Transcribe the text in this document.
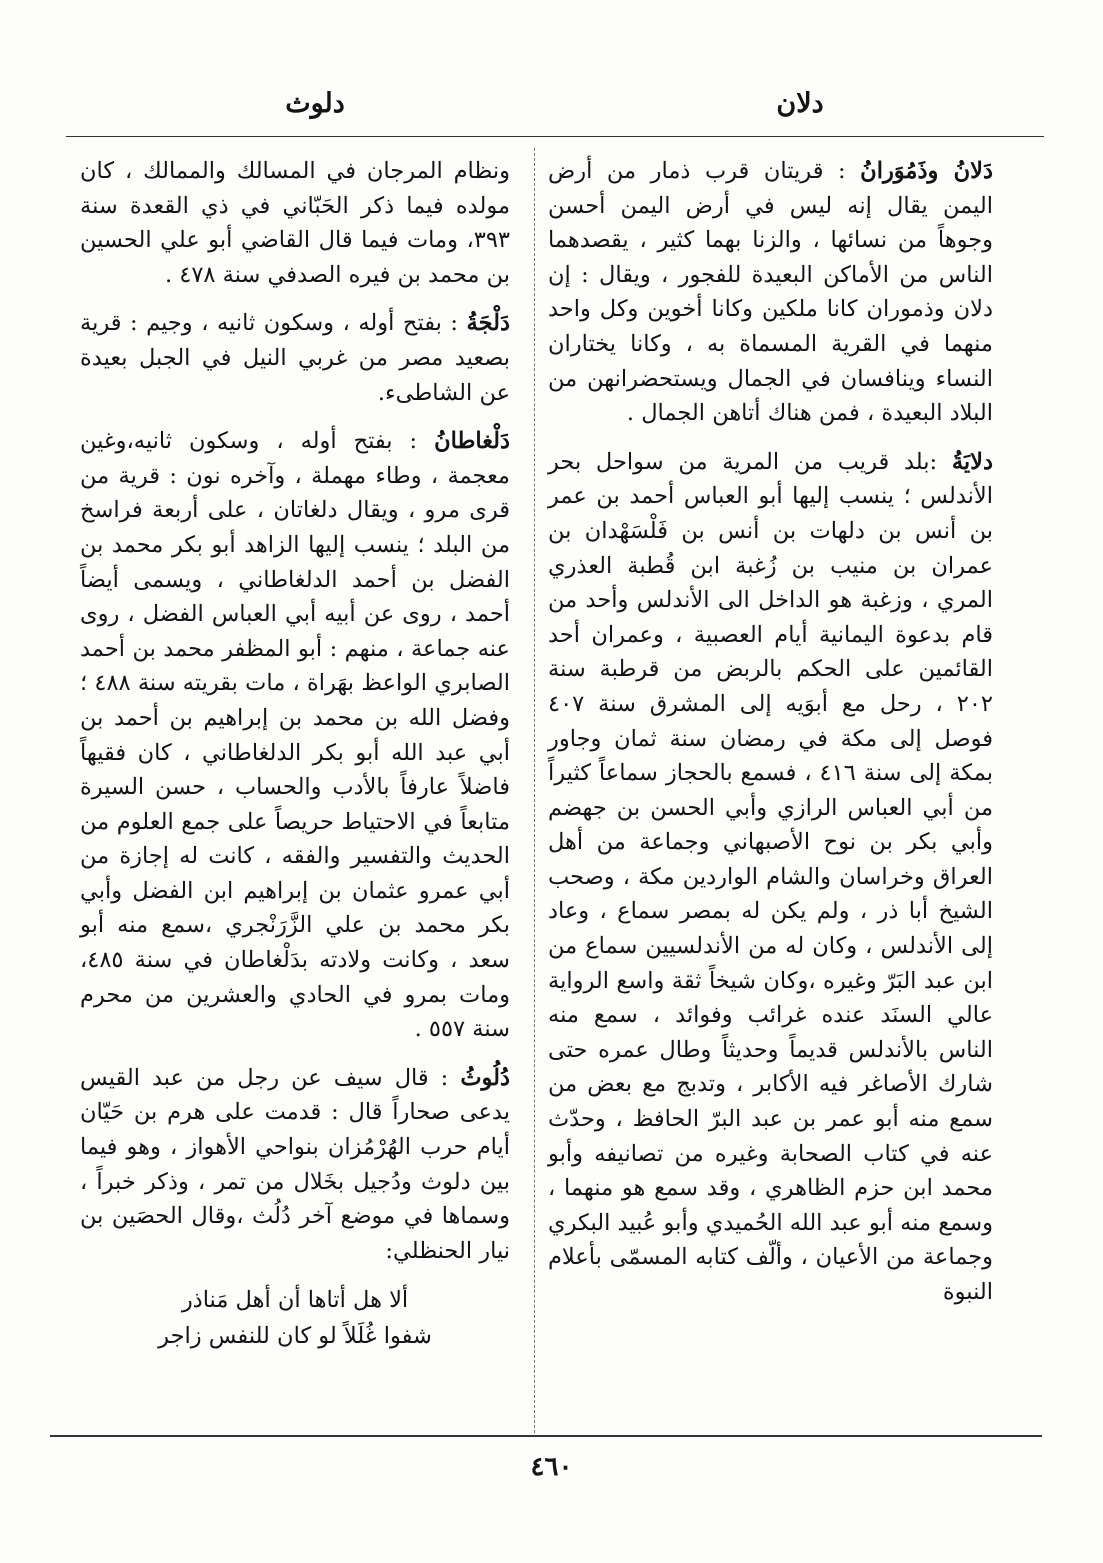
دلان
دلوث

دَلانُ وذَمُوَرانُ : قريتان قرب ذمار من أرض اليمن يقال إنه ليس في أرض اليمن أحسن وجوهاً من نسائها ، والزنا بهما كثير ، يقصدهما الناس من الأماكن البعيدة للفجور ، ويقال : إن دلان وذموران كانا ملكين وكانا أخوين وكل واحد منهما في القرية المسماة به ، وكانا يختاران النساء وينافسان في الجمال ويستحضرانهن من البلاد البعيدة ، فمن هناك أتاهن الجمال .

دلايَةُ :بلد قريب من المرية من سواحل بحر الأندلس ؛ ينسب إليها أبو العباس أحمد بن عمر بن أنس بن دلهات بن أنس بن فَلْسَهْدان بن عمران بن منيب بن زُغبة ابن قُطبة العذري المري ، وزغبة هو الداخل الى الأندلس وأحد من قام بدعوة اليمانية أيام العصبية ، وعمران أحد القائمين على الحكم بالربض من قرطبة سنة ٢٠٢ ، رحل مع أبوَيه إلى المشرق سنة ٤٠٧ فوصل إلى مكة في رمضان سنة ثمان وجاور بمكة إلى سنة ٤١٦ ، فسمع بالحجاز سماعاً كثيراً من أبي العباس الرازي وأبي الحسن بن جهضم وأبي بكر بن نوح الأصبهاني وجماعة من أهل العراق وخراسان والشام الواردين مكة ، وصحب الشيخ أبا ذر ، ولم يكن له بمصر سماع ، وعاد إلى الأندلس ، وكان له من الأندلسيين سماع من ابن عبد البَرّ وغيره ،وكان شيخاً ثقة واسع الرواية عالي السنَد عنده غرائب وفوائد ، سمع منه الناس بالأندلس قديماً وحديثاً وطال عمره حتى شارك الأصاغر فيه الأكابر ، وتدبج مع بعض من سمع منه أبو عمر بن عبد البرّ الحافظ ، وحدّث عنه في كتاب الصحابة وغيره من تصانيفه وأبو محمد ابن حزم الظاهري ، وقد سمع هو منهما ، وسمع منه أبو عبد الله الحُميدي وأبو عُبيد البكري وجماعة من الأعيان ، وألّف كتابه المسمّى بأعلام النبوة

ونظام المرجان في المسالك والممالك ، كان مولده فيما ذكر الحَبّاني في ذي القعدة سنة ٣٩٣، ومات فيما قال القاضي أبو علي الحسين بن محمد بن فيره الصدفي سنة ٤٧٨ .

دَلْجَةُ : بفتح أوله ، وسكون ثانيه ، وجيم : قرية بصعيد مصر من غربي النيل في الجبل بعيدة عن الشاطىء.

دَلْغاطانُ : بفتح أوله ، وسكون ثانيه،وغين معجمة ، وطاء مهملة ، وآخره نون : قرية من قرى مرو ، ويقال دلغاتان ، على أربعة فراسخ من البلد ؛ ينسب إليها الزاهد أبو بكر محمد بن الفضل بن أحمد الدلغاطاني ، ويسمى أيضاً أحمد ، روى عن أبيه أبي العباس الفضل ، روى عنه جماعة ، منهم : أبو المظفر محمد بن أحمد الصابري الواعظ بهَراة ، مات بقريته سنة ٤٨٨ ؛ وفضل الله بن محمد بن إبراهيم بن أحمد بن أبي عبد الله أبو بكر الدلغاطاني ، كان فقيهاً فاضلاً عارفاً بالأدب والحساب ، حسن السيرة متابعاً في الاحتياط حريصاً على جمع العلوم من الحديث والتفسير والفقه ، كانت له إجازة من أبي عمرو عثمان بن إبراهيم ابن الفضل وأبي بكر محمد بن علي الزَّرَنْجري ،سمع منه أبو سعد ، وكانت ولادته بدَلْغاطان في سنة ٤٨٥، ومات بمرو في الحادي والعشرين من محرم سنة ٥٥٧ .

دُلُوثُ : قال سيف عن رجل من عبد القيس يدعى صحاراً قال : قدمت على هرم بن حَيّان أيام حرب الهُرْمُزان بنواحي الأهواز ، وهو فيما بين دلوث ودُجيل بخَلال من تمر ، وذكر خبراً ، وسماها في موضع آخر دُلُث ،وقال الحصَين بن نيار الحنظلي:

ألا هل أتاها أن أهل مَناذر
شفوا غُلَلاً لو كان للنفس زاجر
٤٦٠
